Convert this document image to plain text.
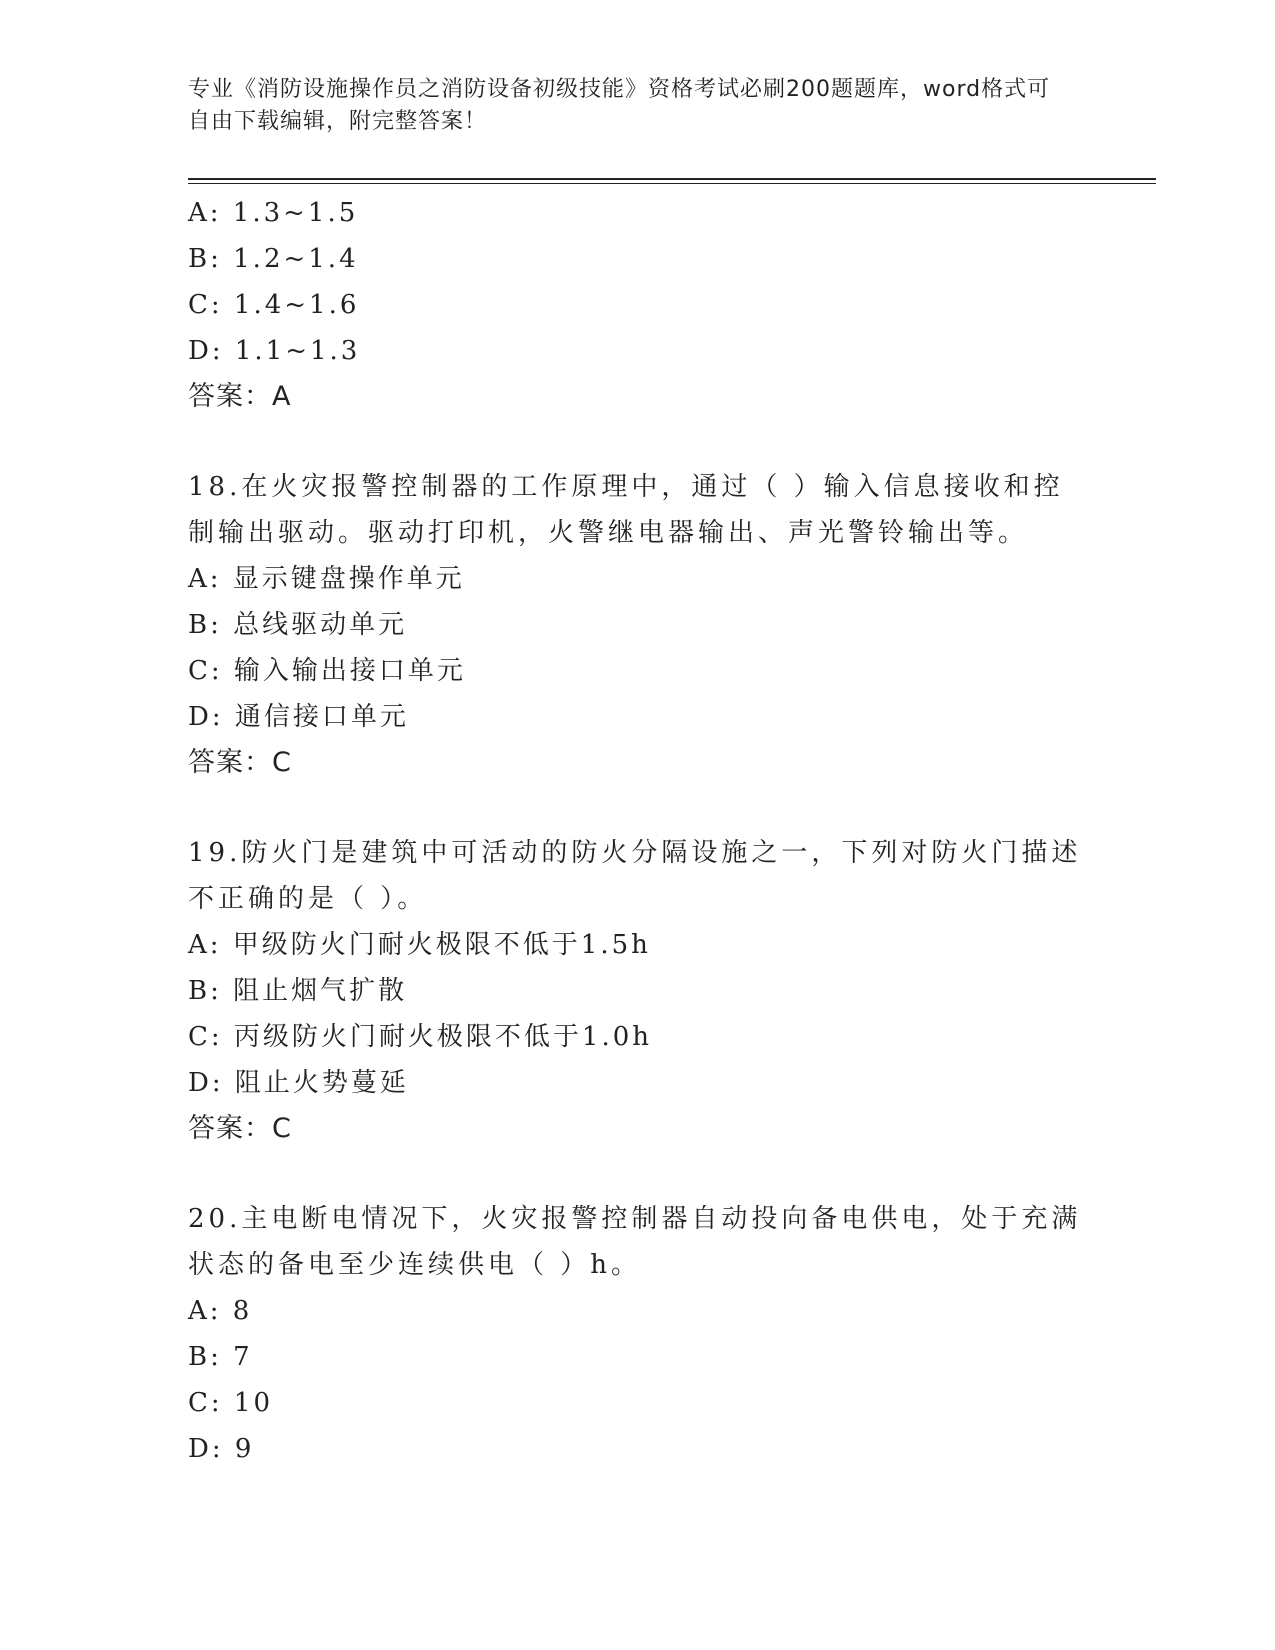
专业《消防设施操作员之消防设备初级技能》资格考试必刷200题题库，word格式可自由下载编辑，附完整答案！
A: 1.3~1.5
B: 1.2~1.4
C: 1.4~1.6
D: 1.1~1.3
答案：A
18.在火灾报警控制器的工作原理中，通过（ ）输入信息接收和控制输出驱动。驱动打印机，火警继电器输出、声光警铃输出等。
A: 显示键盘操作单元
B: 总线驱动单元
C: 输入输出接口单元
D: 通信接口单元
答案：C
19.防火门是建筑中可活动的防火分隔设施之一，下列对防火门描述不正确的是（ ）。
A: 甲级防火门耐火极限不低于1.5h
B: 阻止烟气扩散
C: 丙级防火门耐火极限不低于1.0h
D: 阻止火势蔓延
答案：C
20.主电断电情况下，火灾报警控制器自动投向备电供电，处于充满状态的备电至少连续供电（ ）h。
A: 8
B: 7
C: 10
D: 9
